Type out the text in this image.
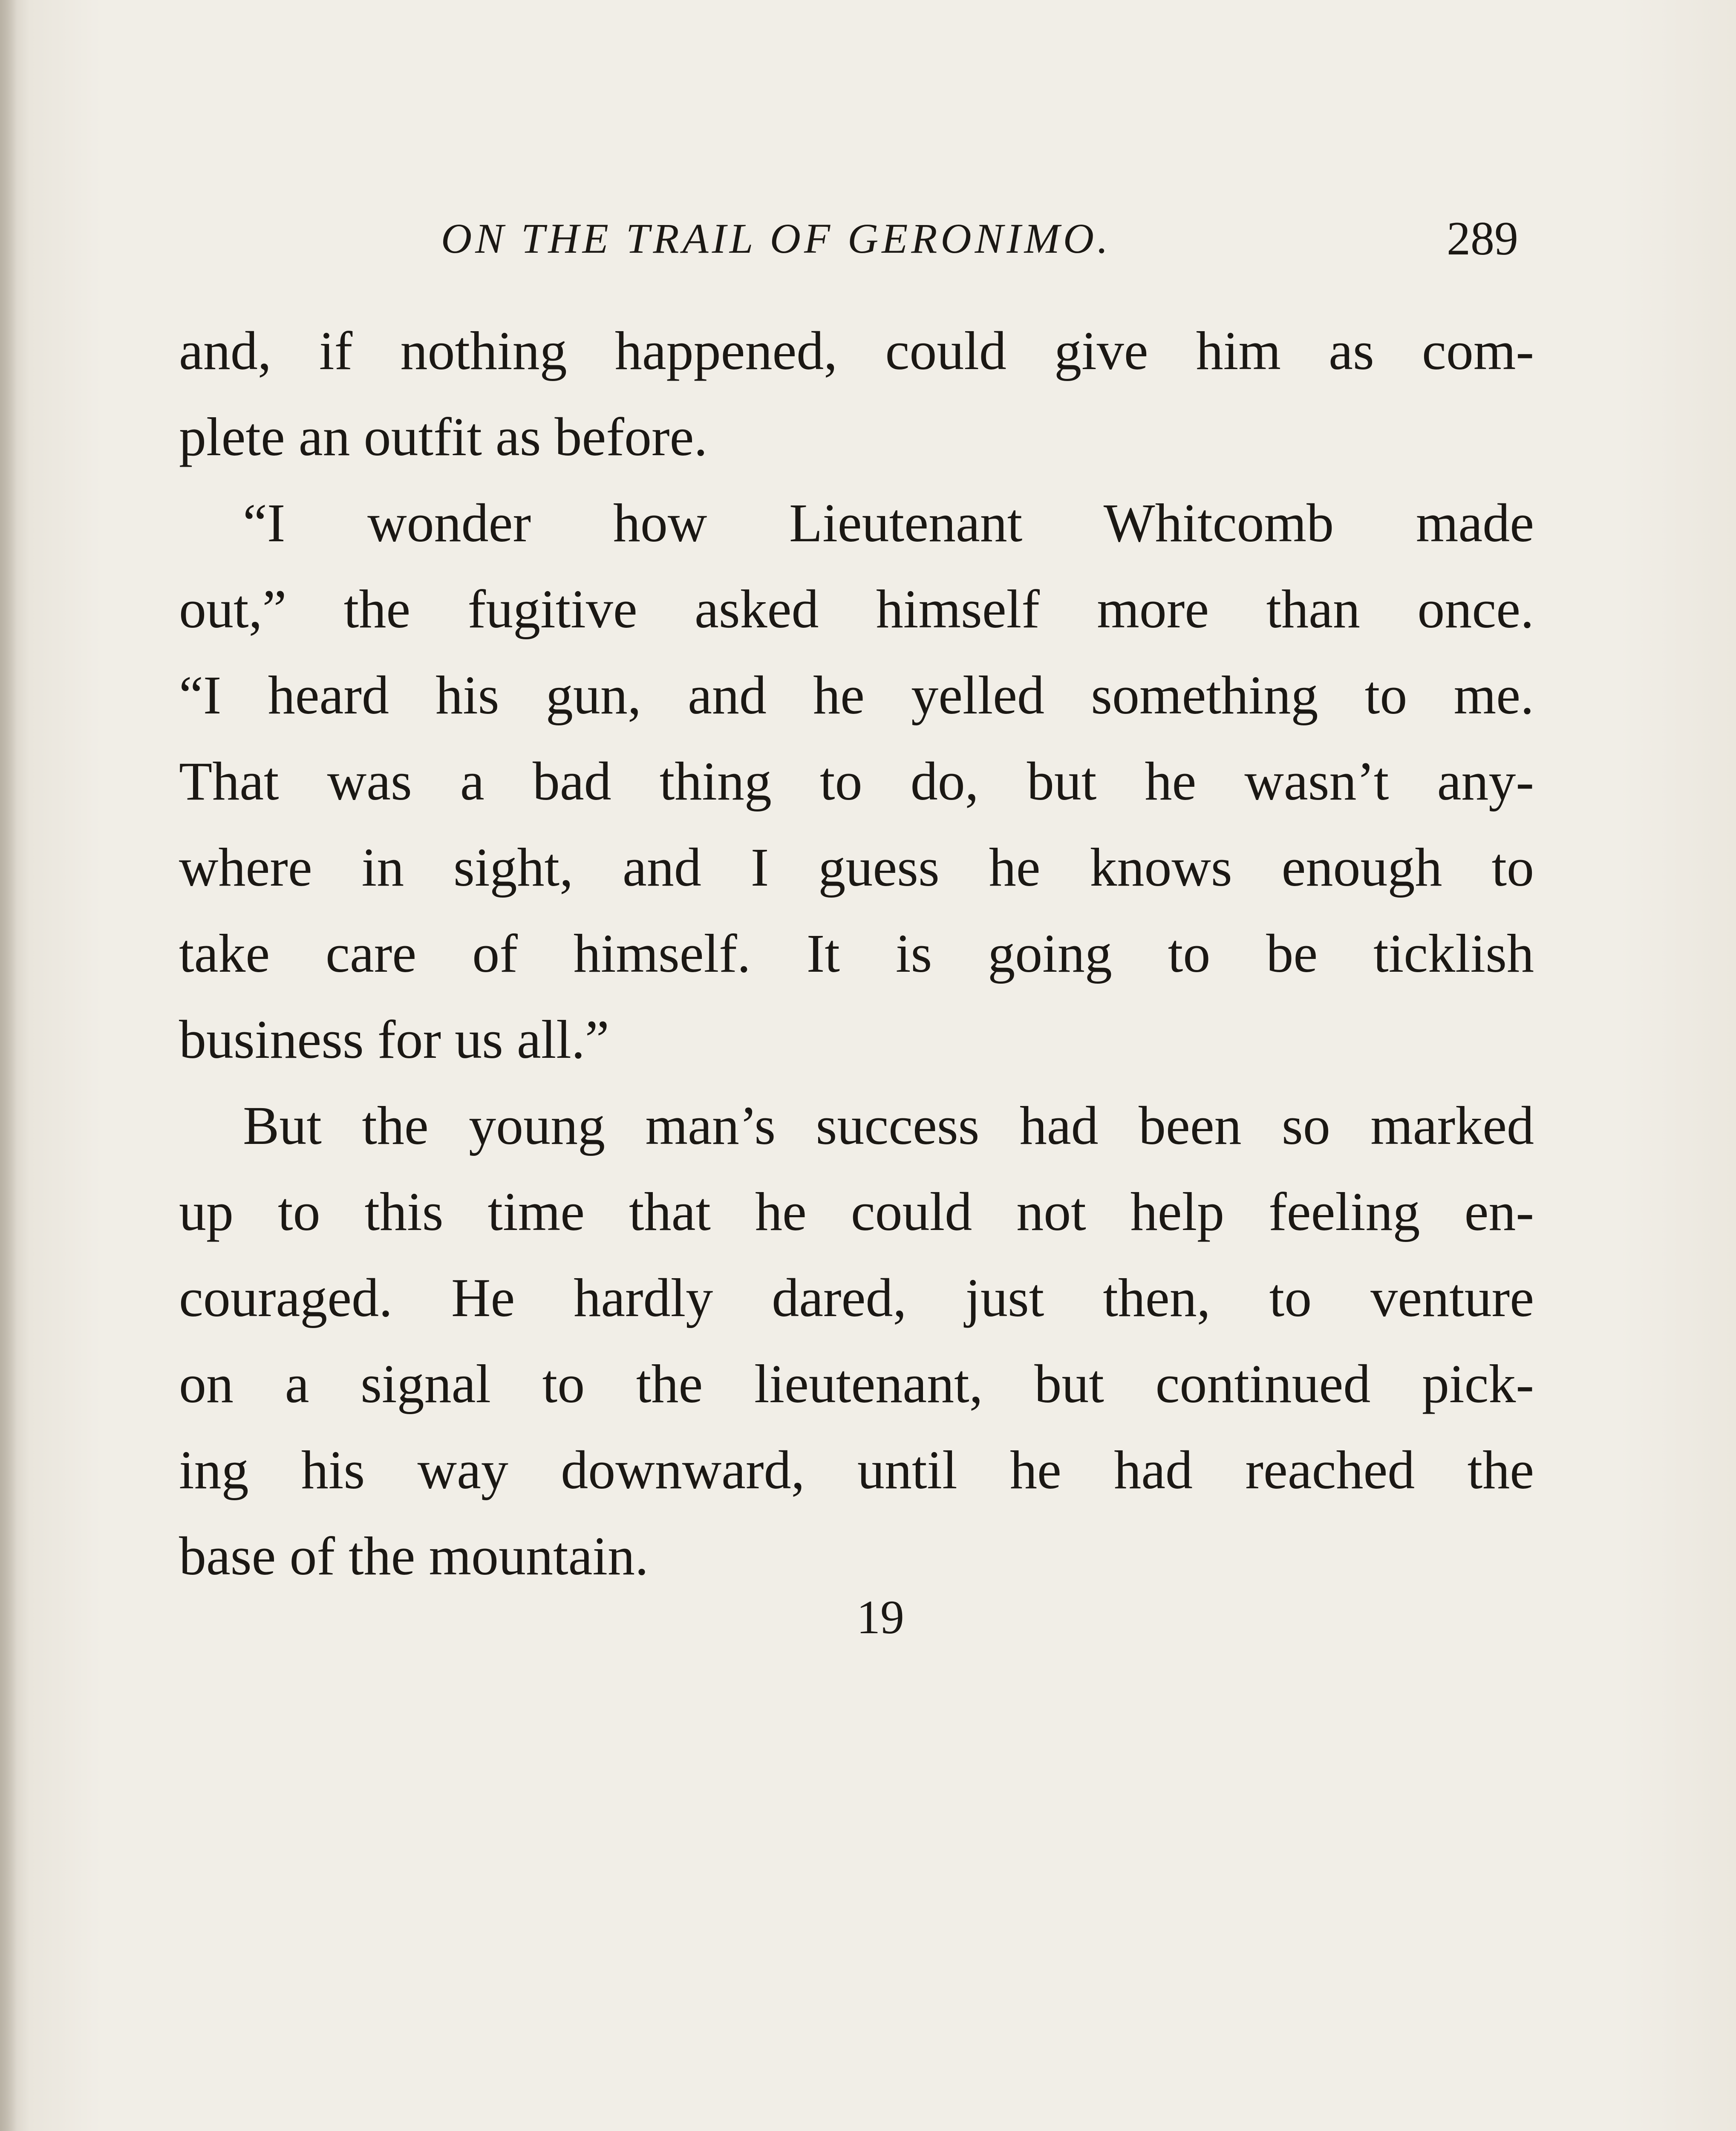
ON THE TRAIL OF GERONIMO.	289
and, if nothing happened, could give him as com-
plete an outfit as before.
“I wonder how Lieutenant Whitcomb made
out,” the fugitive asked himself more than once.
“I heard his gun, and he yelled something to me.
That was a bad thing to do, but he wasn’t any-
where in sight, and I guess he knows enough to
take care of himself. It is going to be ticklish
business for us all.”
But the young man’s success had been so marked
up to this time that he could not help feeling en-
couraged. He hardly dared, just then, to venture
on a signal to the lieutenant, but continued pick-
ing his way downward, until he had reached the
base of the mountain.
19
